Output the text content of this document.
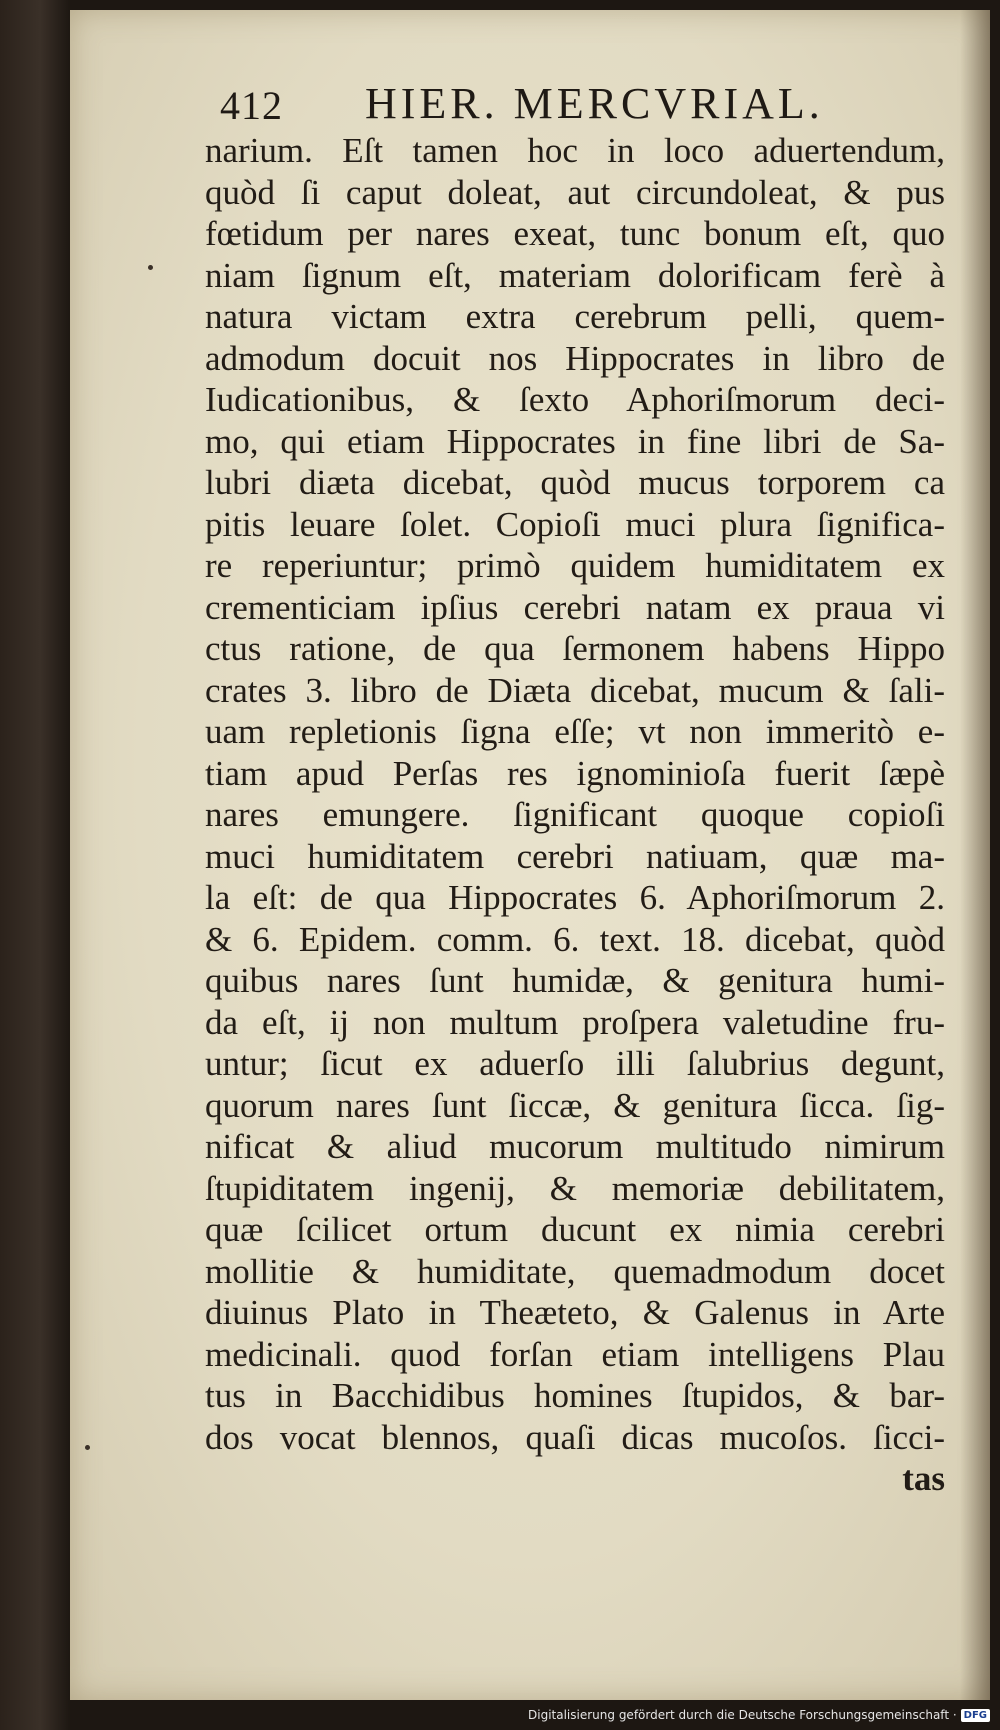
412 HIER. MERCVRIAL.
narium. Eſt tamen hoc in loco aduertendum,
quòd ſi caput doleat, aut circundoleat, & pus
fœtidum per nares exeat, tunc bonum eſt, quo
niam ſignum eſt, materiam dolorificam ferè à
natura victam extra cerebrum pelli, quem-
admodum docuit nos Hippocrates in libro de
Iudicationibus, & ſexto Aphoriſmorum deci-
mo, qui etiam Hippocrates in fine libri de Sa-
lubri diæta dicebat, quòd mucus torporem ca
pitis leuare ſolet. Copioſi muci plura ſignifica-
re reperiuntur; primò quidem humiditatem ex
crementiciam ipſius cerebri natam ex praua vi
ctus ratione, de qua ſermonem habens Hippo
crates 3. libro de Diæta dicebat, mucum & ſali-
uam repletionis ſigna eſſe; vt non immeritò e-
tiam apud Perſas res ignominioſa fuerit ſæpè
nares emungere. ſignificant quoque copioſi
muci humiditatem cerebri natiuam, quæ ma-
la eſt: de qua Hippocrates 6. Aphoriſmorum 2.
& 6. Epidem. comm. 6. text. 18. dicebat, quòd
quibus nares ſunt humidæ, & genitura humi-
da eſt, ij non multum proſpera valetudine fru-
untur; ſicut ex aduerſo illi ſalubrius degunt,
quorum nares ſunt ſiccæ, & genitura ſicca. ſig-
nificat & aliud mucorum multitudo nimirum
ſtupiditatem ingenij, & memoriæ debilitatem,
quæ ſcilicet ortum ducunt ex nimia cerebri
mollitie & humiditate, quemadmodum docet
diuinus Plato in Theæteto, & Galenus in Arte
medicinali. quod forſan etiam intelligens Plau
tus in Bacchidibus homines ſtupidos, & bar-
dos vocat blennos, quaſi dicas mucoſos. ſicci-
tas
Digitalisierung gefördert durch die Deutsche Forschungsgemeinschaft · DFG
